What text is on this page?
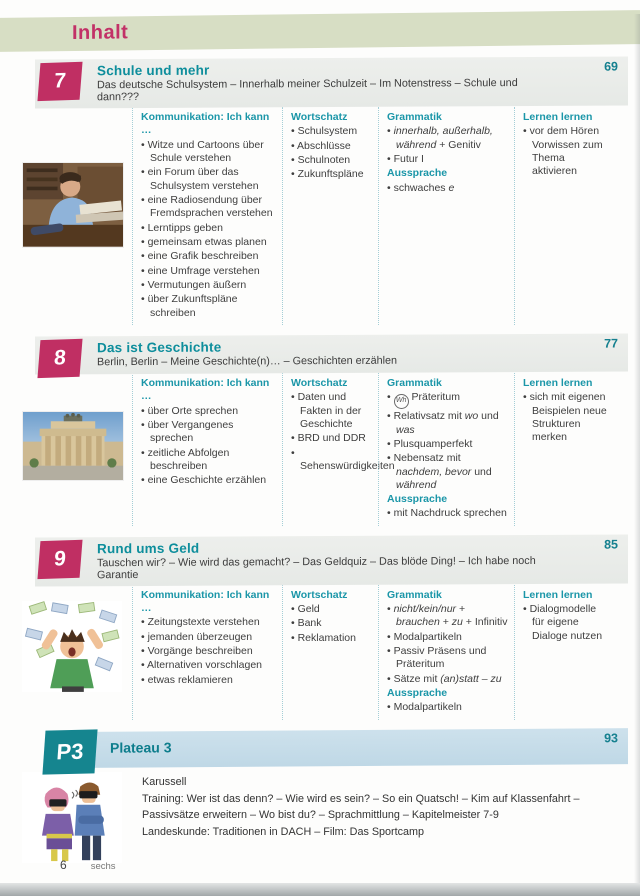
Inhalt
7	Schule und mehr
Das deutsche Schulsystem – Innerhalb meiner Schulzeit – Im Notenstress – Schule und dann???
69
Kommunikation: Ich kann …
• Witze und Cartoons über Schule verstehen
• ein Forum über das Schulsystem verstehen
• eine Radiosendung über Fremdsprachen verstehen
• Lerntipps geben
• gemeinsam etwas planen
• eine Grafik beschreiben
• eine Umfrage verstehen
• Vermutungen äußern
• über Zukunftspläne schreiben
Wortschatz
• Schulsystem
• Abschlüsse
• Schulnoten
• Zukunftspläne
Grammatik
• innerhalb, außerhalb, während + Genitiv
• Futur I
Aussprache
• schwaches e
Lernen lernen
• vor dem Hören Vorwissen zum Thema aktivieren
8	Das ist Geschichte
Berlin, Berlin – Meine Geschichte(n)… – Geschichten erzählen
77
Kommunikation: Ich kann …
• über Orte sprechen
• über Vergangenes sprechen
• zeitliche Abfolgen beschreiben
• eine Geschichte erzählen
Wortschatz
• Daten und Fakten in der Geschichte
• BRD und DDR
• Sehenswürdigkeiten
Grammatik
• Wh Präteritum
• Relativsatz mit wo und was
• Plusquamperfekt
• Nebensatz mit nachdem, bevor und während
Aussprache
• mit Nachdruck sprechen
Lernen lernen
• sich mit eigenen Beispielen neue Strukturen merken
9	Rund ums Geld
Tauschen wir? – Wie wird das gemacht? – Das Geldquiz – Das blöde Ding! – Ich habe noch Garantie
85
Kommunikation: Ich kann …
• Zeitungstexte verstehen
• jemanden überzeugen
• Vorgänge beschreiben
• Alternativen vorschlagen
• etwas reklamieren
Wortschatz
• Geld
• Bank
• Reklamation
Grammatik
• nicht/kein/nur + brauchen + zu + Infinitiv
• Modalpartikeln
• Passiv Präsens und Präteritum
• Sätze mit (an)statt – zu
Aussprache
• Modalpartikeln
Lernen lernen
• Dialogmodelle für eigene Dialoge nutzen
P3	Plateau 3
93
Karussell
Training: Wer ist das denn? – Wie wird es sein? – So ein Quatsch! – Kim auf Klassenfahrt – Passivsätze erweitern – Wo bist du? – Sprachmittlung – Kapitelmeister 7-9
Landeskunde: Traditionen in DACH – Film: Das Sportcamp
6	sechs
